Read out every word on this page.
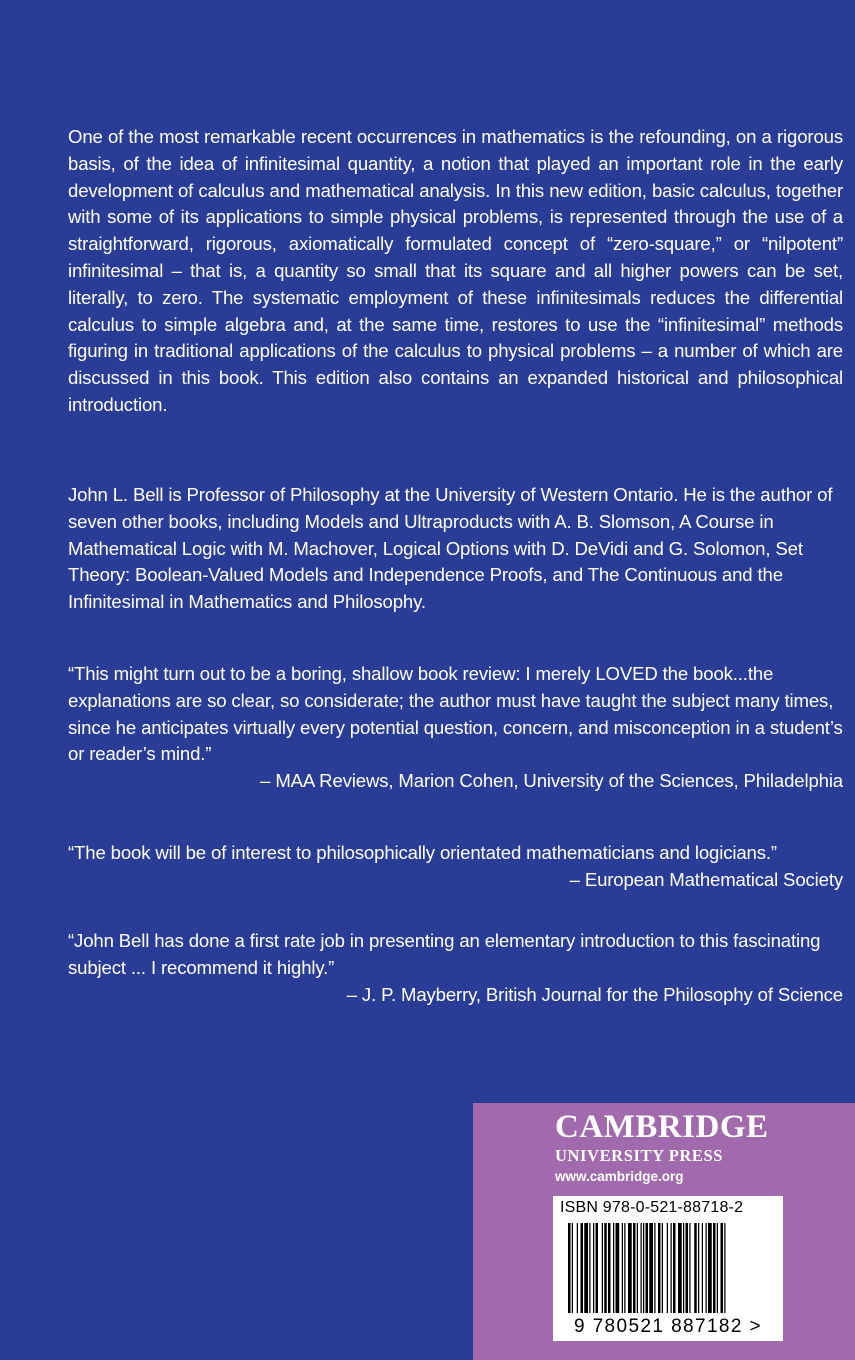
One of the most remarkable recent occurrences in mathematics is the refounding, on a rigorous basis, of the idea of infinitesimal quantity, a notion that played an important role in the early development of calculus and mathematical analysis. In this new edition, basic calculus, together with some of its applications to simple physical problems, is represented through the use of a straightforward, rigorous, axiomatically formulated concept of “zero-square,” or “nilpotent” infinitesimal – that is, a quantity so small that its square and all higher powers can be set, literally, to zero. The systematic employment of these infinitesimals reduces the differential calculus to simple algebra and, at the same time, restores to use the “infinitesimal” methods figuring in traditional applications of the calculus to physical problems – a number of which are discussed in this book. This edition also contains an expanded historical and philosophical introduction.

John L. Bell is Professor of Philosophy at the University of Western Ontario. He is the author of seven other books, including Models and Ultraproducts with A. B. Slomson, A Course in Mathematical Logic with M. Machover, Logical Options with D. DeVidi and G. Solomon, Set Theory: Boolean-Valued Models and Independence Proofs, and The Continuous and the Infinitesimal in Mathematics and Philosophy.

“This might turn out to be a boring, shallow book review: I merely LOVED the book...the explanations are so clear, so considerate; the author must have taught the subject many times, since he anticipates virtually every potential question, concern, and misconception in a student’s or reader’s mind.”

– MAA Reviews, Marion Cohen, University of the Sciences, Philadelphia

“The book will be of interest to philosophically orientated mathematicians and logicians.”

– European Mathematical Society

“John Bell has done a first rate job in presenting an elementary introduction to this fascinating subject ... I recommend it highly.”

– J. P. Mayberry, British Journal for the Philosophy of Science

CAMBRIDGE
UNIVERSITY PRESS
www.cambridge.org
ISBN 978-0-521-88718-2
9 780521 887182 >
